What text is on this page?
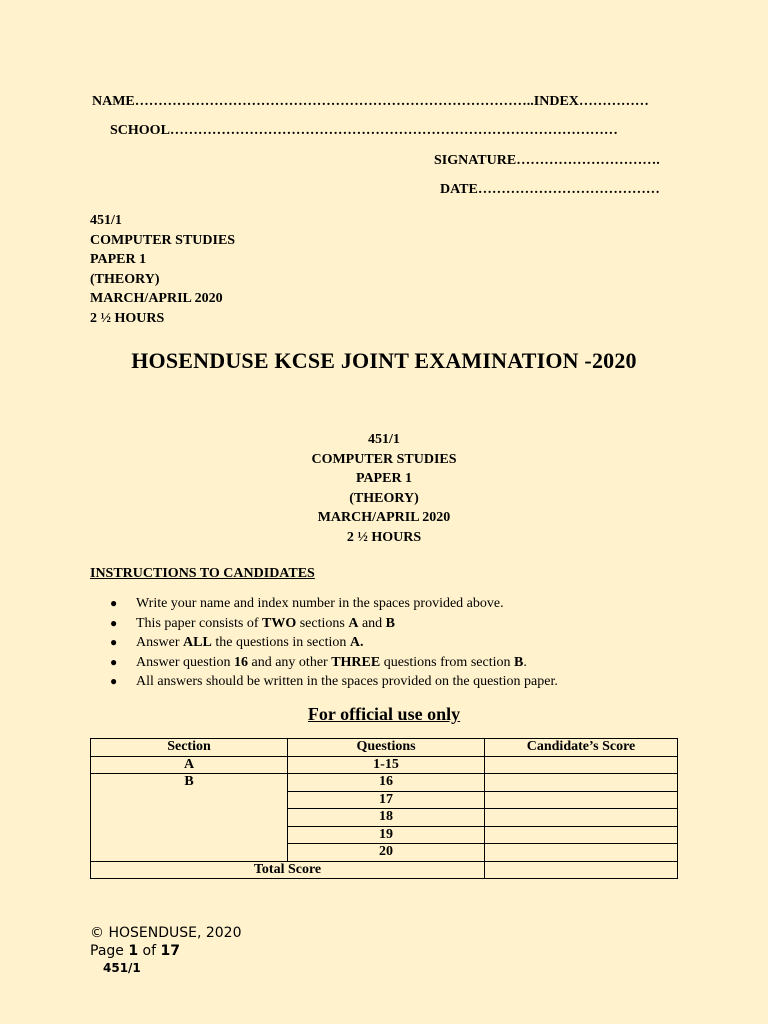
NAME…………………………………………………………………………..INDEX……………
SCHOOL……………………………………………………………………………………
SIGNATURE………………………….
DATE…………………………………
451/1
COMPUTER STUDIES
PAPER 1
(THEORY)
MARCH/APRIL 2020
2 ½ HOURS
HOSENDUSE KCSE JOINT EXAMINATION -2020
451/1
COMPUTER STUDIES
PAPER 1
(THEORY)
MARCH/APRIL 2020
2 ½ HOURS
INSTRUCTIONS TO CANDIDATES
● Write your name and index number in the spaces provided above.
● This paper consists of TWO sections A and B
● Answer ALL the questions in section A.
● Answer question 16 and any other THREE questions from section B.
● All answers should be written in the spaces provided on the question paper.
For official use only
Section	Questions	Candidate’s Score
A	1-15	
B	16	
	17	
	18	
	19	
	20	
Total Score		
© HOSENDUSE, 2020
Page 1 of 17
451/1
